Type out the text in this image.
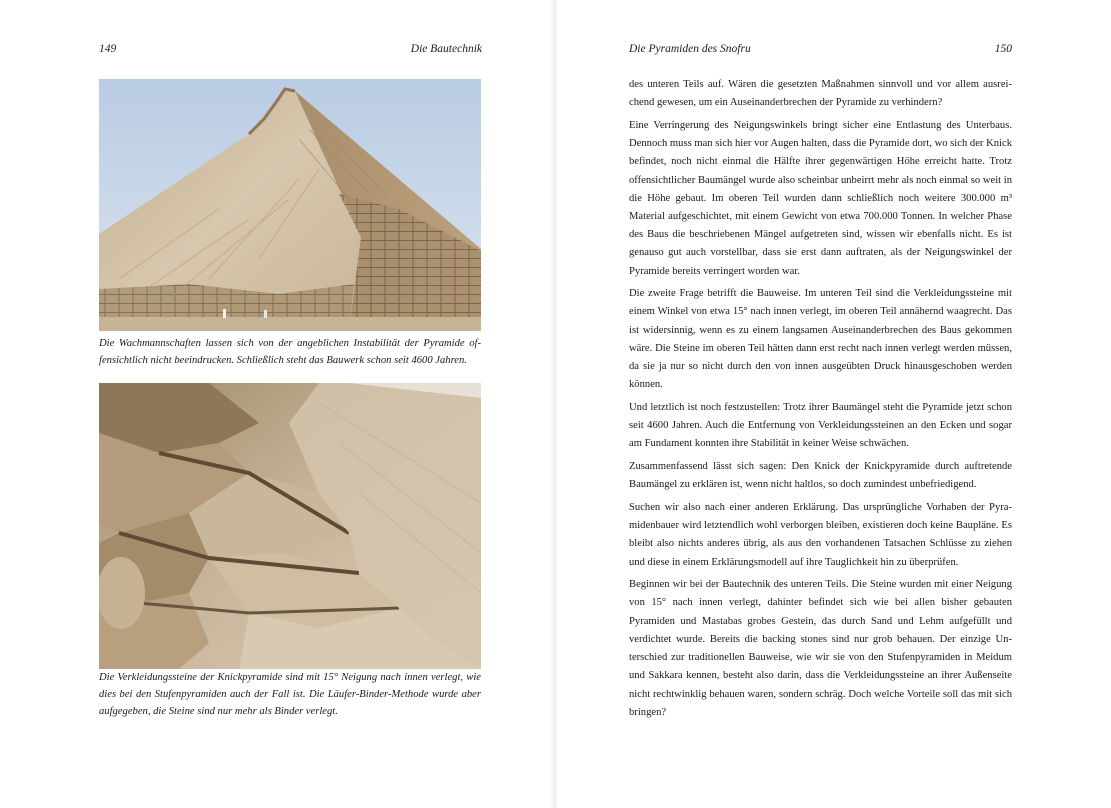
149	Die Bautechnik
Die Wachmannschaften lassen sich von der angeblichen Instabilität der Pyramide offensichtlich nicht beeindrucken. Schließlich steht das Bauwerk schon seit 4600 Jahren.
Die Verkleidungssteine der Knickpyramide sind mit 15° Neigung nach innen verlegt, wie dies bei den Stufenpyramiden auch der Fall ist. Die Läufer-Binder-Methode wurde aber aufgegeben, die Steine sind nur mehr als Binder verlegt.
Die Pyramiden des Snofru	150

des unteren Teils auf. Wären die gesetzten Maßnahmen sinnvoll und vor allem ausreichend gewesen, um ein Auseinanderbrechen der Pyramide zu verhindern?

Eine Verringerung des Neigungswinkels bringt sicher eine Entlastung des Unterbaus. Dennoch muss man sich hier vor Augen halten, dass die Pyramide dort, wo sich der Knick befindet, noch nicht einmal die Hälfte ihrer gegenwärtigen Höhe erreicht hatte. Trotz offensichtlicher Baumängel wurde also scheinbar unbeirrt mehr als noch einmal so weit in die Höhe gebaut. Im oberen Teil wurden dann schließlich noch weitere 300.000 m³ Material aufgeschichtet, mit einem Gewicht von etwa 700.000 Tonnen. In welcher Phase des Baus die beschriebenen Mängel aufgetreten sind, wissen wir ebenfalls nicht. Es ist genauso gut auch vorstellbar, dass sie erst dann auftraten, als der Neigungswinkel der Pyramide bereits verringert worden war.

Die zweite Frage betrifft die Bauweise. Im unteren Teil sind die Verkleidungssteine mit einem Winkel von etwa 15° nach innen verlegt, im oberen Teil annähernd waagrecht. Das ist widersinnig, wenn es zu einem langsamen Auseinanderbrechen des Baus gekommen wäre. Die Steine im oberen Teil hätten dann erst recht nach innen verlegt werden müssen, da sie ja nur so nicht durch den von innen ausgeübten Druck hinausgeschoben werden können.

Und letztlich ist noch festzustellen: Trotz ihrer Baumängel steht die Pyramide jetzt schon seit 4600 Jahren. Auch die Entfernung von Verkleidungssteinen an den Ecken und sogar am Fundament konnten ihre Stabilität in keiner Weise schwächen.

Zusammenfassend lässt sich sagen: Den Knick der Knickpyramide durch auftretende Baumängel zu erklären ist, wenn nicht haltlos, so doch zumindest unbefriedigend.

Suchen wir also nach einer anderen Erklärung. Das ursprüngliche Vorhaben der Pyramidenbauer wird letztendlich wohl verborgen bleiben, existieren doch keine Baupläne. Es bleibt also nichts anderes übrig, als aus den vorhandenen Tatsachen Schlüsse zu ziehen und diese in einem Erklärungsmodell auf ihre Tauglichkeit hin zu überprüfen.

Beginnen wir bei der Bautechnik des unteren Teils. Die Steine wurden mit einer Neigung von 15° nach innen verlegt, dahinter befindet sich wie bei allen bisher gebauten Pyramiden und Mastabas grobes Gestein, das durch Sand und Lehm aufgefüllt und verdichtet wurde. Bereits die backing stones sind nur grob behauen. Der einzige Unterschied zur traditionellen Bauweise, wie wir sie von den Stufenpyramiden in Meidum und Sakkara kennen, besteht also darin, dass die Verkleidungssteine an ihrer Außenseite nicht rechtwinklig behauen waren, sondern schräg. Doch welche Vorteile soll das mit sich bringen?
